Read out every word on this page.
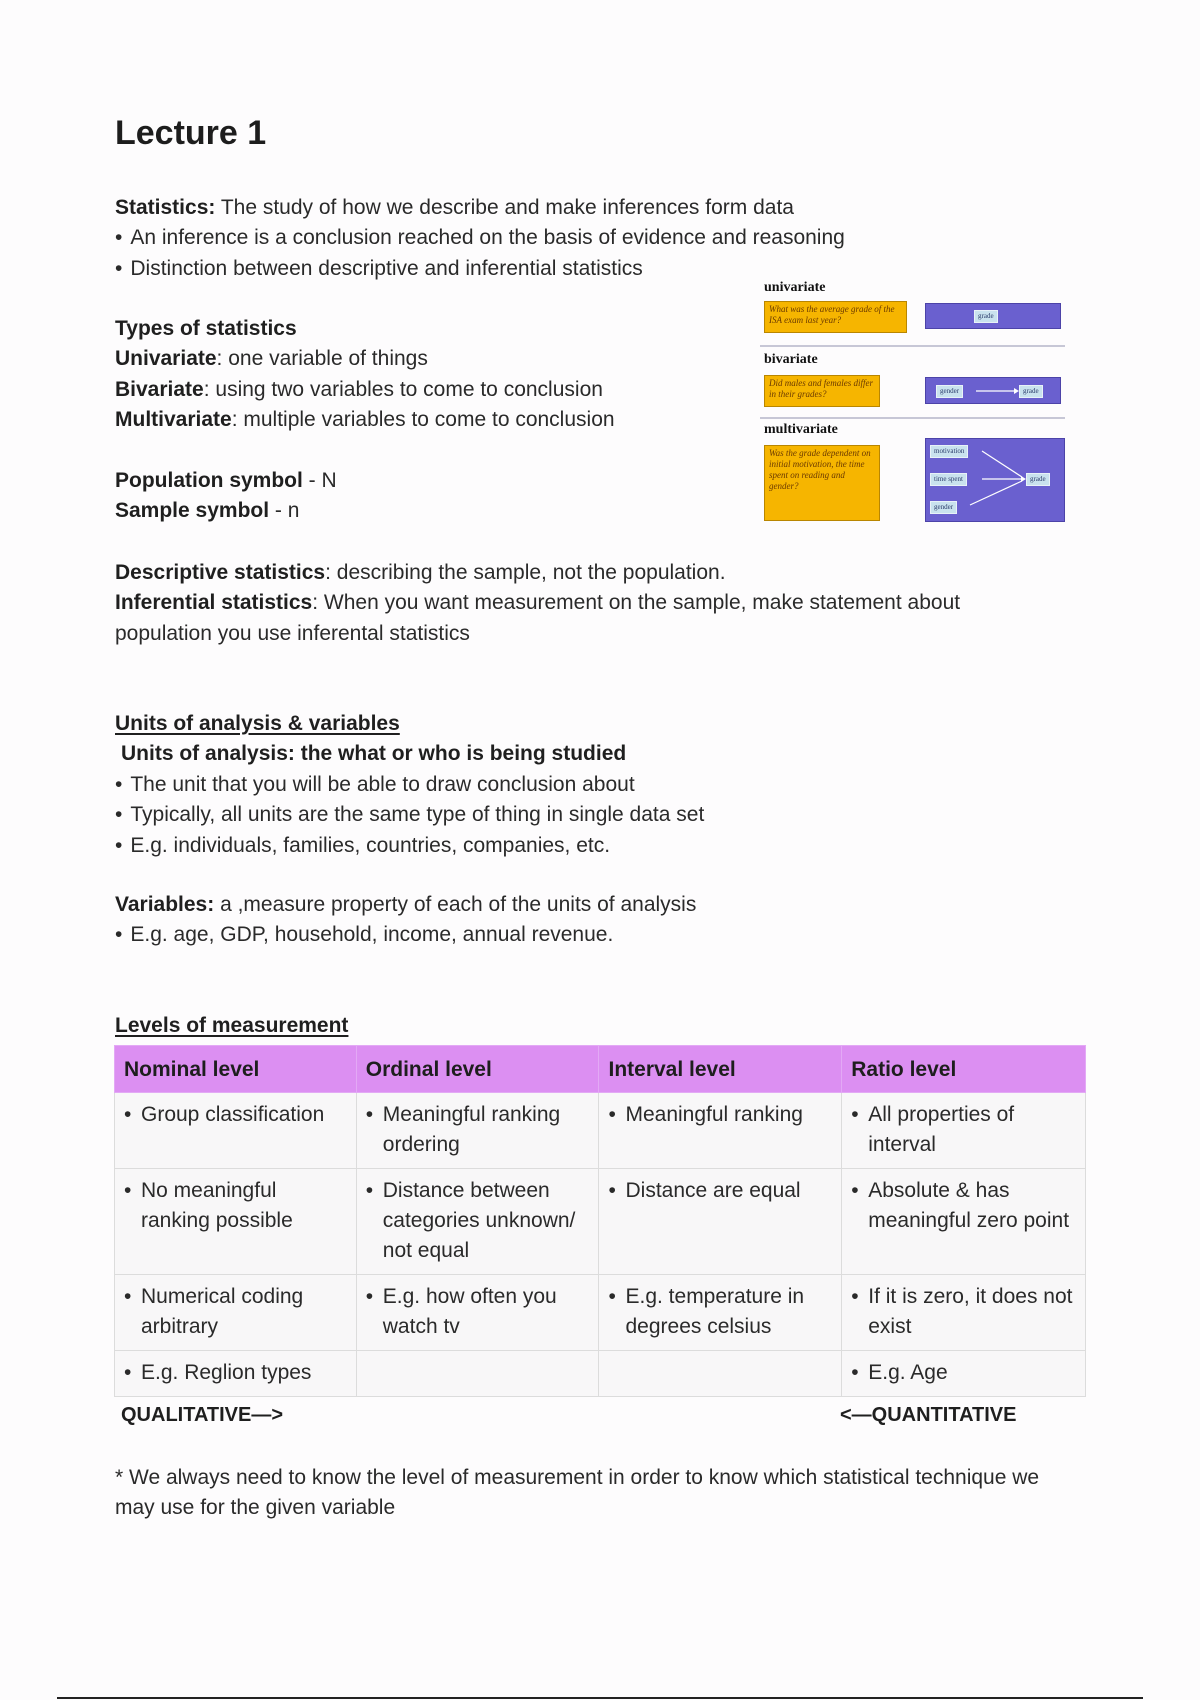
Lecture 1

Statistics: The study of how we describe and make inferences form data

• An inference is a conclusion reached on the basis of evidence and reasoning

• Distinction between descriptive and inferential statistics

Types of statistics

Univariate: one variable of things

Bivariate: using two variables to come to conclusion

Multivariate: multiple variables to come to conclusion

Population symbol - N

Sample symbol - n

univariate
What was the average grade of the ISA exam last year?	grade
bivariate
Did males and females differ in their grades?	gender	grade
multivariate
Was the grade dependent on initial motivation, the time spent on reading and gender?
motivation
time spent
gender
grade

Descriptive statistics: describing the sample, not the population.

Inferential statistics: When you want measurement on the sample, make statement about population you use inferental statistics

Units of analysis & variables

Units of analysis: the what or who is being studied

• The unit that you will be able to draw conclusion about

• Typically, all units are the same type of thing in single data set

• E.g. individuals, families, countries, companies, etc.

Variables: a ,measure property of each of the units of analysis

• E.g. age, GDP, household, income, annual revenue.

Levels of measurement

Nominal level	Ordinal level	Interval level	Ratio level

• Group classification	• Meaningful ranking ordering	• Meaningful ranking	• All properties of interval

• No meaningful ranking possible	• Distance between categories unknown/ not equal	• Distance are equal	• Absolute & has meaningful zero point

• Numerical coding arbitrary	• E.g. how often you watch tv	• E.g. temperature in degrees celsius	• If it is zero, it does not exist

• E.g. Reglion types			• E.g. Age
QUALITATIVE—>	<—QUANTITATIVE

* We always need to know the level of measurement in order to know which statistical technique we may use for the given variable
